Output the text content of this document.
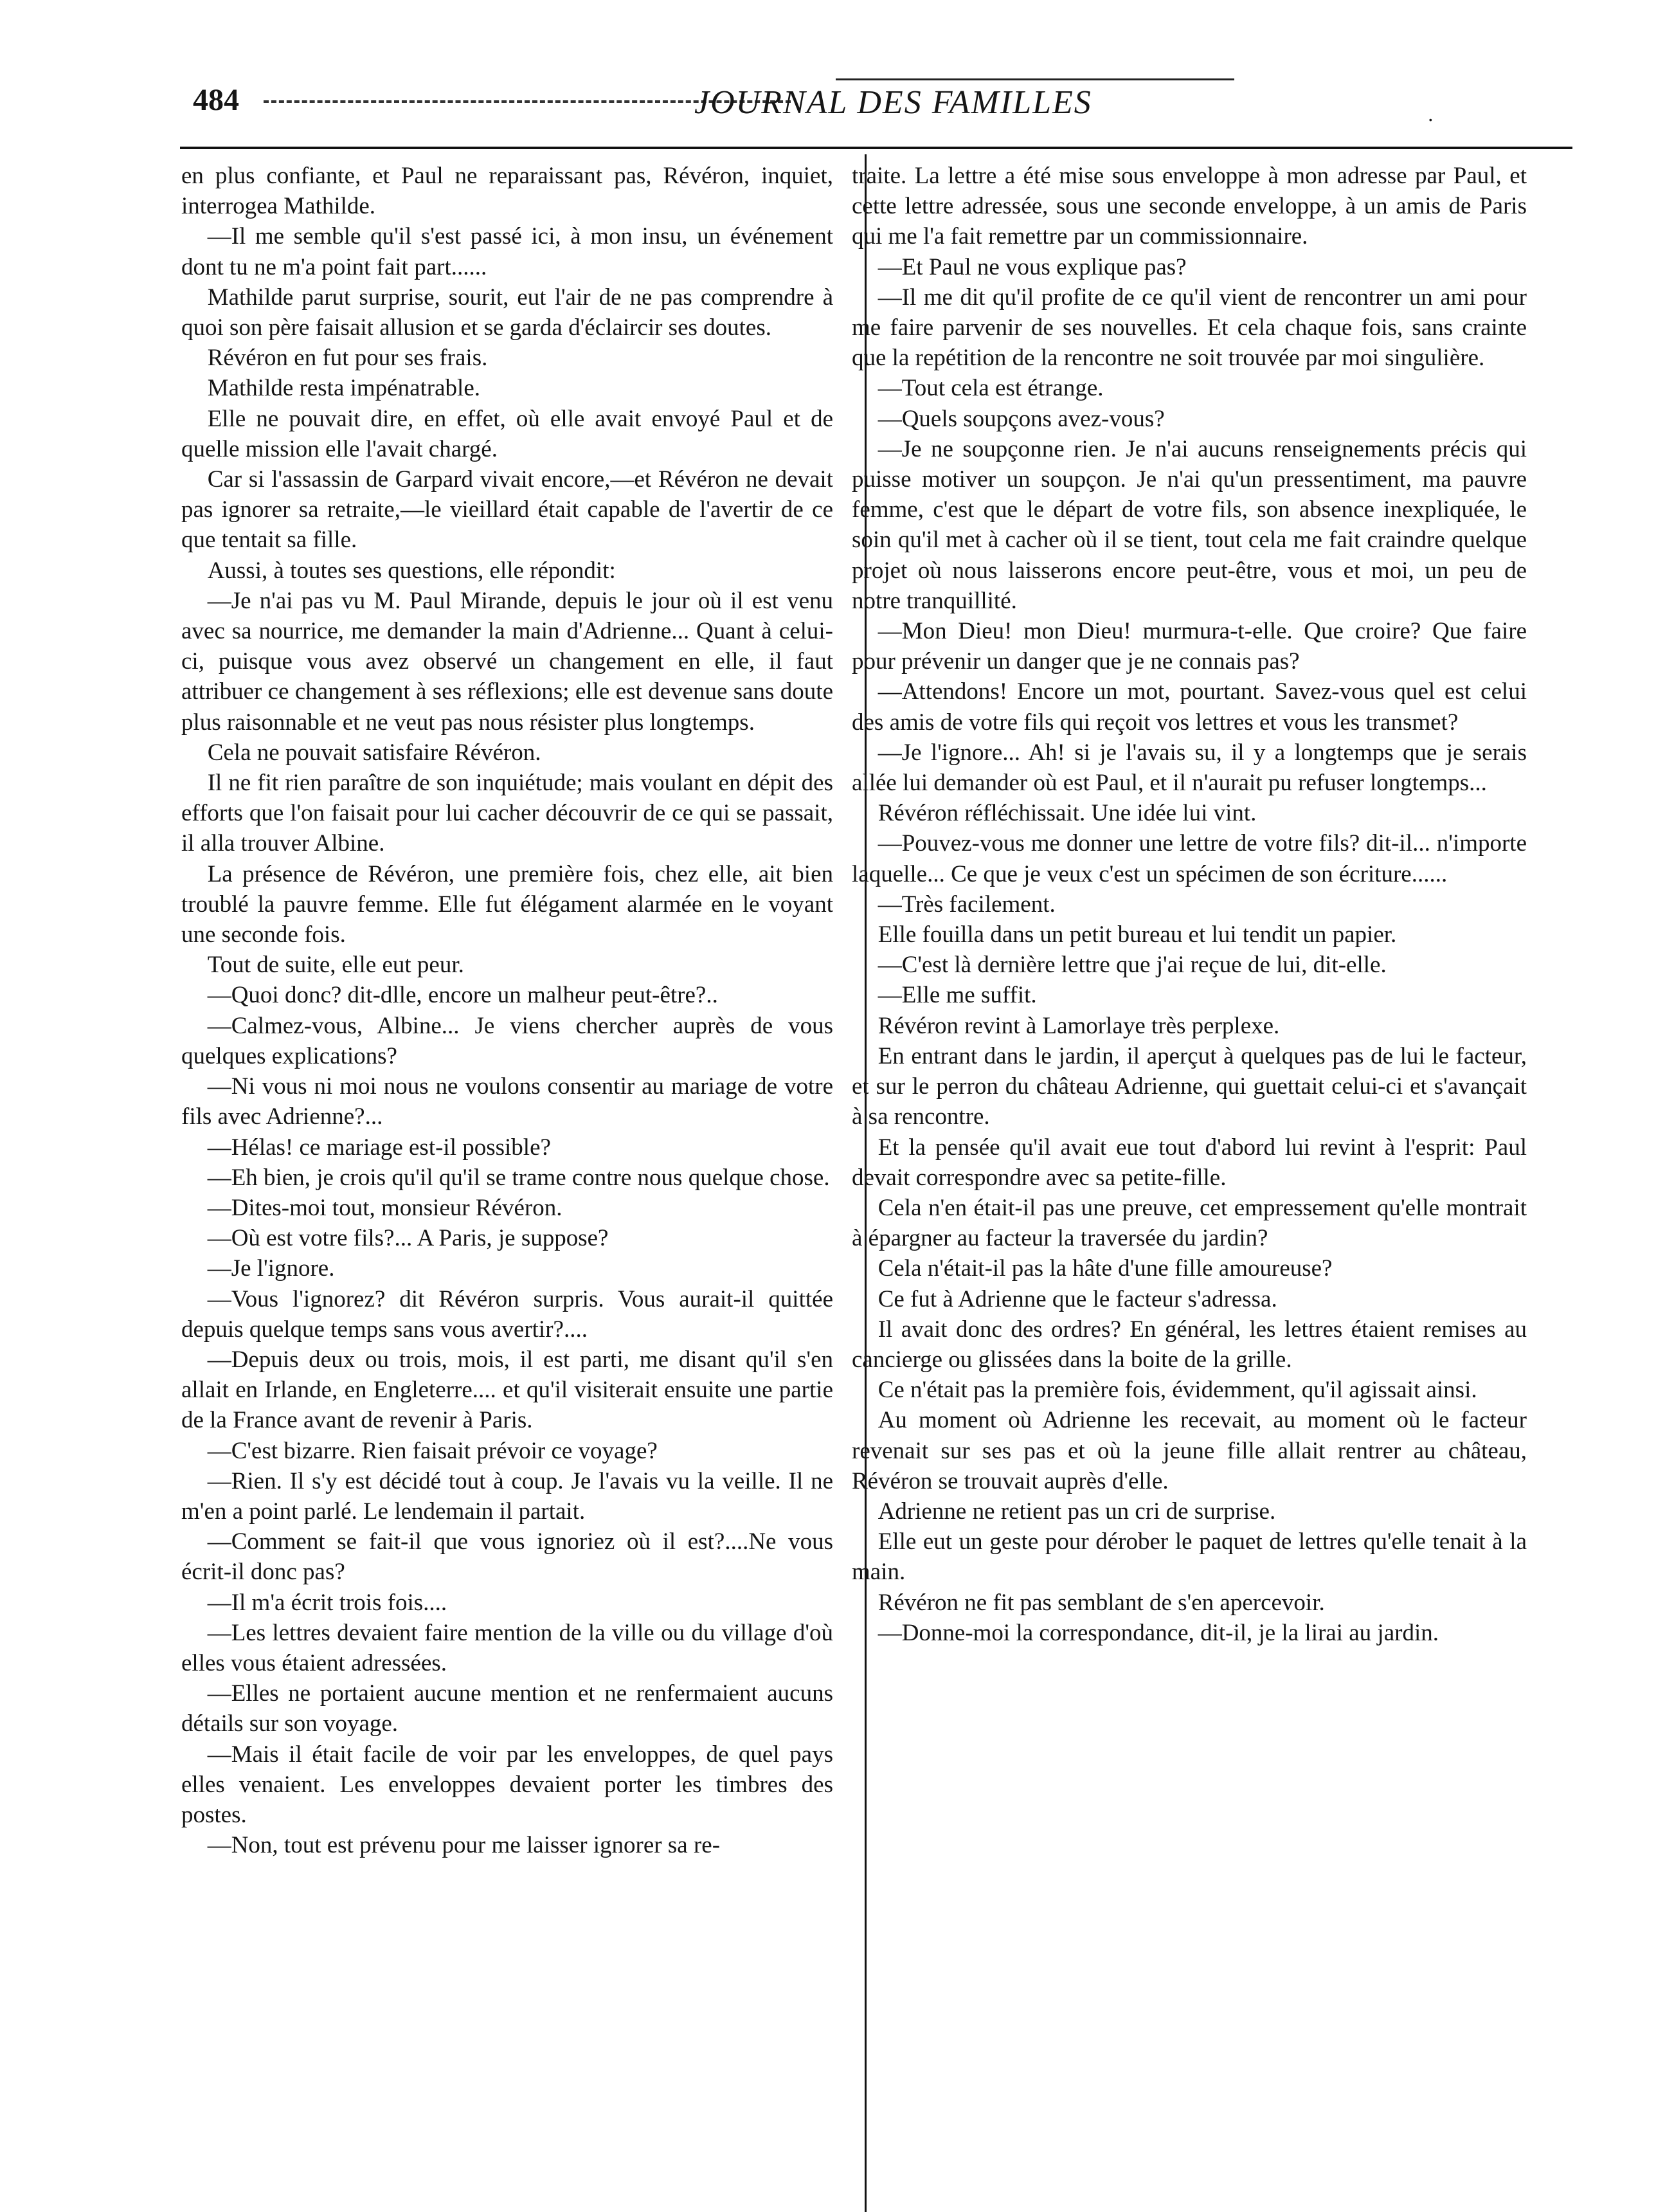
484	JOURNAL DES FAMILLES	·

en plus confiante, et Paul ne reparaissant pas, Révéron, inquiet, interrogea Mathilde.

—Il me semble qu'il s'est passé ici, à mon insu, un événement dont tu ne m'a point fait part......

Mathilde parut surprise, sourit, eut l'air de ne pas comprendre à quoi son père faisait allusion et se garda d'éclaircir ses doutes.

Révéron en fut pour ses frais.

Mathilde resta impénatrable.

Elle ne pouvait dire, en effet, où elle avait envoyé Paul et de quelle mission elle l'avait chargé.

Car si l'assassin de Garpard vivait encore,—et Révéron ne devait pas ignorer sa retraite,—le vieillard était capable de l'avertir de ce que tentait sa fille.

Aussi, à toutes ses questions, elle répondit:

—Je n'ai pas vu M. Paul Mirande, depuis le jour où il est venu avec sa nourrice, me demander la main d'Adrienne... Quant à celui-ci, puisque vous avez observé un changement en elle, il faut attribuer ce changement à ses réflexions; elle est devenue sans doute plus raisonnable et ne veut pas nous résister plus longtemps.

Cela ne pouvait satisfaire Révéron.

Il ne fit rien paraître de son inquiétude; mais voulant en dépit des efforts que l'on faisait pour lui cacher découvrir de ce qui se passait, il alla trouver Albine.

La présence de Révéron, une première fois, chez elle, ait bien troublé la pauvre femme. Elle fut élégament alarmée en le voyant une seconde fois.

Tout de suite, elle eut peur.

—Quoi donc? dit-dlle, encore un malheur peut-être?..

—Calmez-vous, Albine... Je viens chercher auprès de vous quelques explications?

—Ni vous ni moi nous ne voulons consentir au mariage de votre fils avec Adrienne?...

—Hélas! ce mariage est-il possible?

—Eh bien, je crois qu'il qu'il se trame contre nous quelque chose.

—Dites-moi tout, monsieur Révéron.

—Où est votre fils?... A Paris, je suppose?

—Je l'ignore.

—Vous l'ignorez? dit Révéron surpris. Vous aurait-il quittée depuis quelque temps sans vous avertir?....

—Depuis deux ou trois, mois, il est parti, me disant qu'il s'en allait en Irlande, en Engleterre.... et qu'il visiterait ensuite une partie de la France avant de revenir à Paris.

—C'est bizarre. Rien faisait prévoir ce voyage?

—Rien. Il s'y est décidé tout à coup. Je l'avais vu la veille. Il ne m'en a point parlé. Le lendemain il partait.

—Comment se fait-il que vous ignoriez où il est?....Ne vous écrit-il donc pas?

—Il m'a écrit trois fois....

—Les lettres devaient faire mention de la ville ou du village d'où elles vous étaient adressées.

—Elles ne portaient aucune mention et ne renfermaient aucuns détails sur son voyage.

—Mais il était facile de voir par les enveloppes, de quel pays elles venaient. Les enveloppes devaient porter les timbres des postes.

—Non, tout est prévenu pour me laisser ignorer sa re-

traite. La lettre a été mise sous enveloppe à mon adresse par Paul, et cette lettre adressée, sous une seconde enveloppe, à un amis de Paris qui me l'a fait remettre par un commissionnaire.

—Et Paul ne vous explique pas?

—Il me dit qu'il profite de ce qu'il vient de rencontrer un ami pour me faire parvenir de ses nouvelles. Et cela chaque fois, sans crainte que la repétition de la rencontre ne soit trouvée par moi singulière.

—Tout cela est étrange.

—Quels soupçons avez-vous?

—Je ne soupçonne rien. Je n'ai aucuns renseignements précis qui puisse motiver un soupçon. Je n'ai qu'un pressentiment, ma pauvre femme, c'est que le départ de votre fils, son absence inexpliquée, le soin qu'il met à cacher où il se tient, tout cela me fait craindre quelque projet où nous laisserons encore peut-être, vous et moi, un peu de notre tranquillité.

—Mon Dieu! mon Dieu! murmura-t-elle. Que croire? Que faire pour prévenir un danger que je ne connais pas?

—Attendons! Encore un mot, pourtant. Savez-vous quel est celui des amis de votre fils qui reçoit vos lettres et vous les transmet?

—Je l'ignore... Ah! si je l'avais su, il y a longtemps que je serais allée lui demander où est Paul, et il n'aurait pu refuser longtemps...

Révéron réfléchissait. Une idée lui vint.

—Pouvez-vous me donner une lettre de votre fils? dit-il... n'importe laquelle... Ce que je veux c'est un spécimen de son écriture......

—Très facilement.

Elle fouilla dans un petit bureau et lui tendit un papier.

—C'est là dernière lettre que j'ai reçue de lui, dit-elle.

—Elle me suffit.

Révéron revint à Lamorlaye très perplexe.

En entrant dans le jardin, il aperçut à quelques pas de lui le facteur, et sur le perron du château Adrienne, qui guettait celui-ci et s'avançait à sa rencontre.

Et la pensée qu'il avait eue tout d'abord lui revint à l'esprit: Paul devait correspondre avec sa petite-fille.

Cela n'en était-il pas une preuve, cet empressement qu'elle montrait à épargner au facteur la traversée du jardin?

Cela n'était-il pas la hâte d'une fille amoureuse?

Ce fut à Adrienne que le facteur s'adressa.

Il avait donc des ordres? En général, les lettres étaient remises au cancierge ou glissées dans la boite de la grille.

Ce n'était pas la première fois, évidemment, qu'il agissait ainsi.

Au moment où Adrienne les recevait, au moment où le facteur revenait sur ses pas et où la jeune fille allait rentrer au château, Révéron se trouvait auprès d'elle.

Adrienne ne retient pas un cri de surprise.

Elle eut un geste pour dérober le paquet de lettres qu'elle tenait à la main.

Révéron ne fit pas semblant de s'en apercevoir.

—Donne-moi la correspondance, dit-il, je la lirai au jardin.
